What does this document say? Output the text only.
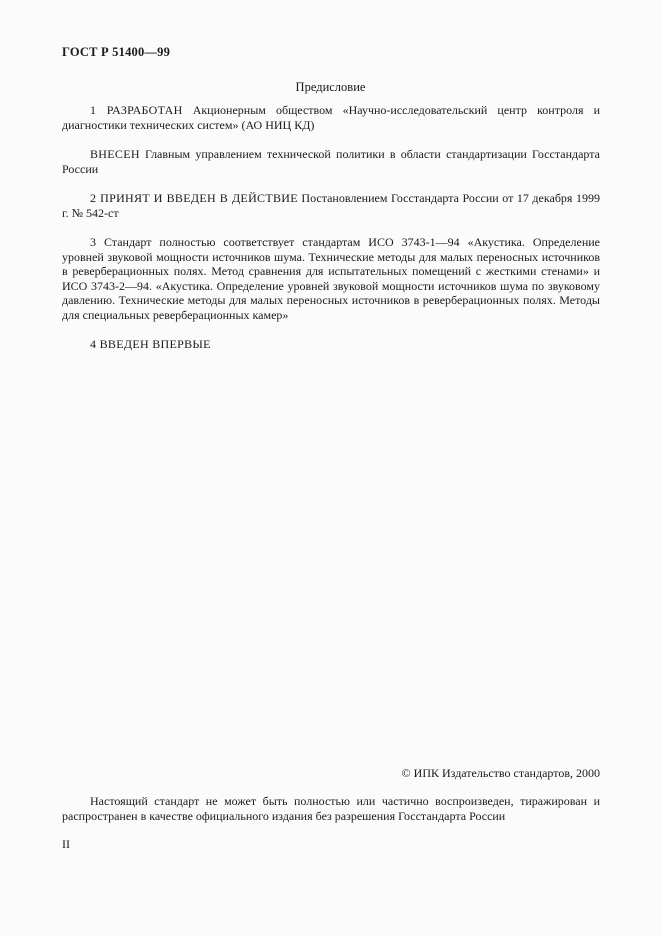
ГОСТ Р 51400—99
Предисловие

1 РАЗРАБОТАН Акционерным обществом «Научно-исследовательский центр контроля и диагностики технических систем» (АО НИЦ КД)

ВНЕСЕН Главным управлением технической политики в области стандартизации Госстандарта России

2 ПРИНЯТ И ВВЕДЕН В ДЕЙСТВИЕ Постановлением Госстандарта России от 17 декабря 1999 г. № 542-ст

3 Стандарт полностью соответствует стандартам ИСО 3743-1—94 «Акустика. Определение уровней звуковой мощности источников шума. Технические методы для малых переносных источников в реверберационных полях. Метод сравнения для испытательных помещений с жесткими стенами» и ИСО 3743-2—94. «Акустика. Определение уровней звуковой мощности источников шума по звуковому давлению. Технические методы для малых переносных источников в реверберационных полях. Методы для специальных реверберационных камер»

4 ВВЕДЕН ВПЕРВЫЕ

© ИПК Издательство стандартов, 2000
Настоящий стандарт не может быть полностью или частично воспроизведен, тиражирован и распространен в качестве официального издания без разрешения Госстандарта России
II
